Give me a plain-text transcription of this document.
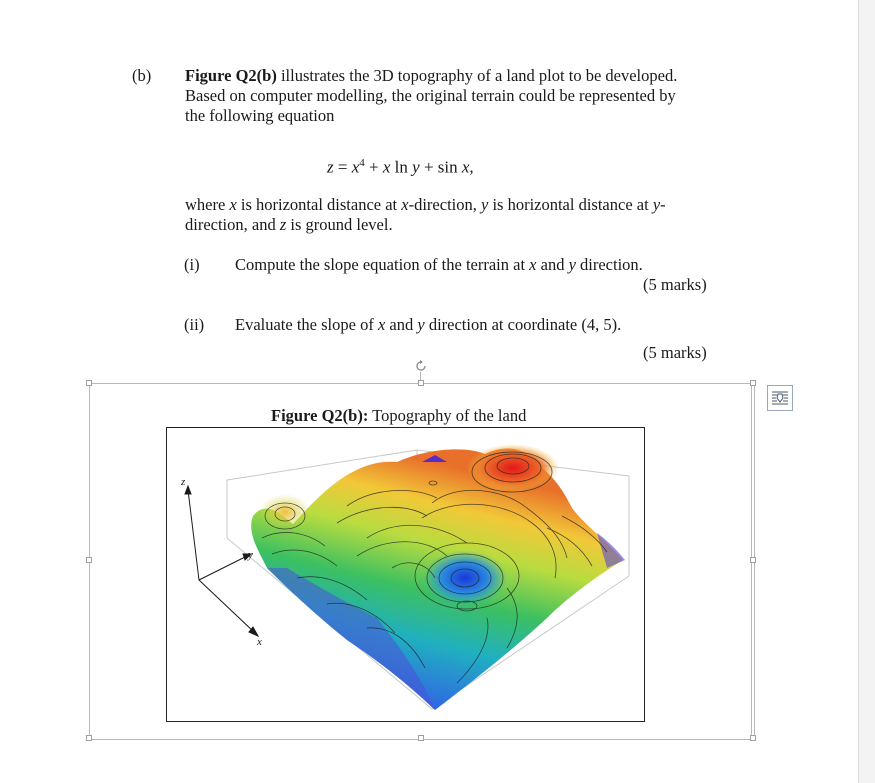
(b) Figure Q2(b) illustrates the 3D topography of a land plot to be developed.
Based on computer modelling, the original terrain could be represented by
the following equation
$z = x^4 + x$ ln y + sin x,
where x is horizontal distance at x-direction, y is horizontal distance at y-
direction, and z is ground level.
(i) Compute the slope equation of the terrain at x and y direction.
(5 marks)
(ii) Evaluate the slope of x and y direction at coordinate (4, 5).
(5 marks)
Figure Q2(b): Topography of the land
z
y
x
